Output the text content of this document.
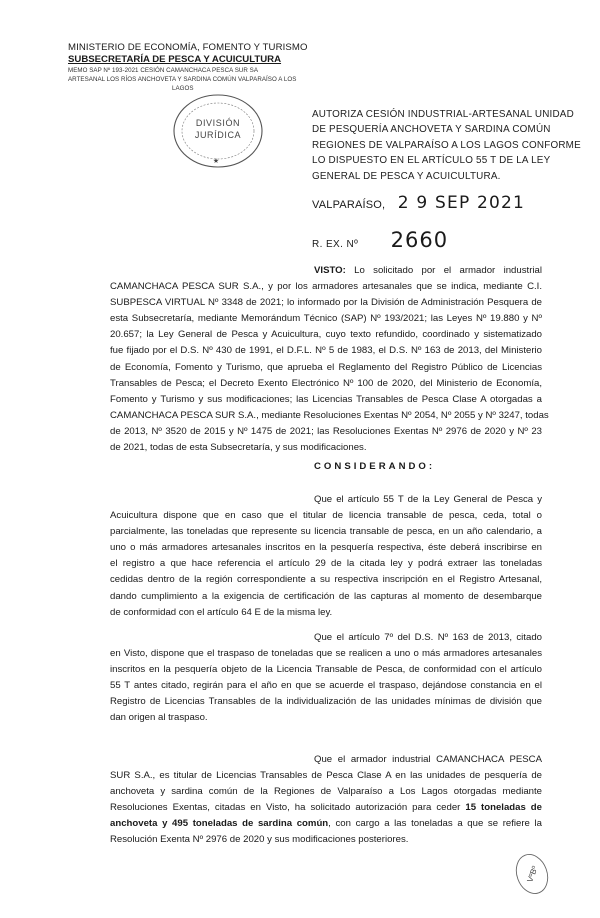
MINISTERIO DE ECONOMÍA, FOMENTO Y TURISMO
SUBSECRETARÍA DE PESCA Y ACUICULTURA
MEMO SAP Nº 193-2021 CESIÓN CAMANCHACA PESCA SUR SA
ARTESANAL LOS RÍOS ANCHOVETA Y SARDINA COMÚN VALPARAÍSO A LOS
LAGOS
DIVISIÓN
JURÍDICA
★
AUTORIZA CESIÓN INDUSTRIAL-ARTESANAL UNIDAD
DE PESQUERÍA ANCHOVETA Y SARDINA COMÚN
REGIONES DE VALPARAÍSO A LOS LAGOS CONFORME
LO DISPUESTO EN EL ARTÍCULO 55 T DE LA LEY
GENERAL DE PESCA Y ACUICULTURA.
VALPARAÍSO, 2 9 SEP 2021
R. EX. Nº 2660
VISTO: Lo solicitado por el armador industrial
CAMANCHACA PESCA SUR S.A., y por los armadores artesanales que se indica, mediante C.I.
SUBPESCA VIRTUAL Nº 3348 de 2021; lo informado por la División de Administración Pesquera de
esta Subsecretaría, mediante Memorándum Técnico (SAP) Nº 193/2021; las Leyes Nº 19.880 y Nº
20.657; la Ley General de Pesca y Acuicultura, cuyo texto refundido, coordinado y sistematizado
fue fijado por el D.S. Nº 430 de 1991, el D.F.L. Nº 5 de 1983, el D.S. Nº 163 de 2013, del Ministerio
de Economía, Fomento y Turismo, que aprueba el Reglamento del Registro Público de Licencias
Transables de Pesca; el Decreto Exento Electrónico Nº 100 de 2020, del Ministerio de Economía,
Fomento y Turismo y sus modificaciones; las Licencias Transables de Pesca Clase A otorgadas a
CAMANCHACA PESCA SUR S.A., mediante Resoluciones Exentas Nº 2054, Nº 2055 y Nº 3247, todas
de 2013, Nº 3520 de 2015 y Nº 1475 de 2021; las Resoluciones Exentas Nº 2976 de 2020 y Nº 23
de 2021, todas de esta Subsecretaría, y sus modificaciones.
CONSIDERANDO:
Que el artículo 55 T de la Ley General de Pesca y
Acuicultura dispone que en caso que el titular de licencia transable de pesca, ceda, total o
parcialmente, las toneladas que represente su licencia transable de pesca, en un año calendario, a
uno o más armadores artesanales inscritos en la pesquería respectiva, éste deberá inscribirse en
el registro a que hace referencia el artículo 29 de la citada ley y podrá extraer las toneladas
cedidas dentro de la región correspondiente a su respectiva inscripción en el Registro Artesanal,
dando cumplimiento a la exigencia de certificación de las capturas al momento de desembarque
de conformidad con el artículo 64 E de la misma ley.
Que el artículo 7º del D.S. Nº 163 de 2013, citado
en Visto, dispone que el traspaso de toneladas que se realicen a uno o más armadores artesanales
inscritos en la pesquería objeto de la Licencia Transable de Pesca, de conformidad con el artículo
55 T antes citado, regirán para el año en que se acuerde el traspaso, dejándose constancia en el
Registro de Licencias Transables de la individualización de las unidades mínimas de división que
dan origen al traspaso.
Que el armador industrial CAMANCHACA PESCA
SUR S.A., es titular de Licencias Transables de Pesca Clase A en las unidades de pesquería de
anchoveta y sardina común de la Regiones de Valparaíso a Los Lagos otorgadas mediante
Resoluciones Exentas, citadas en Visto, ha solicitado autorización para ceder 15 toneladas de
anchoveta y 495 toneladas de sardina común, con cargo a las toneladas a que se refiere la
Resolución Exenta Nº 2976 de 2020 y sus modificaciones posteriores.
VºBº
